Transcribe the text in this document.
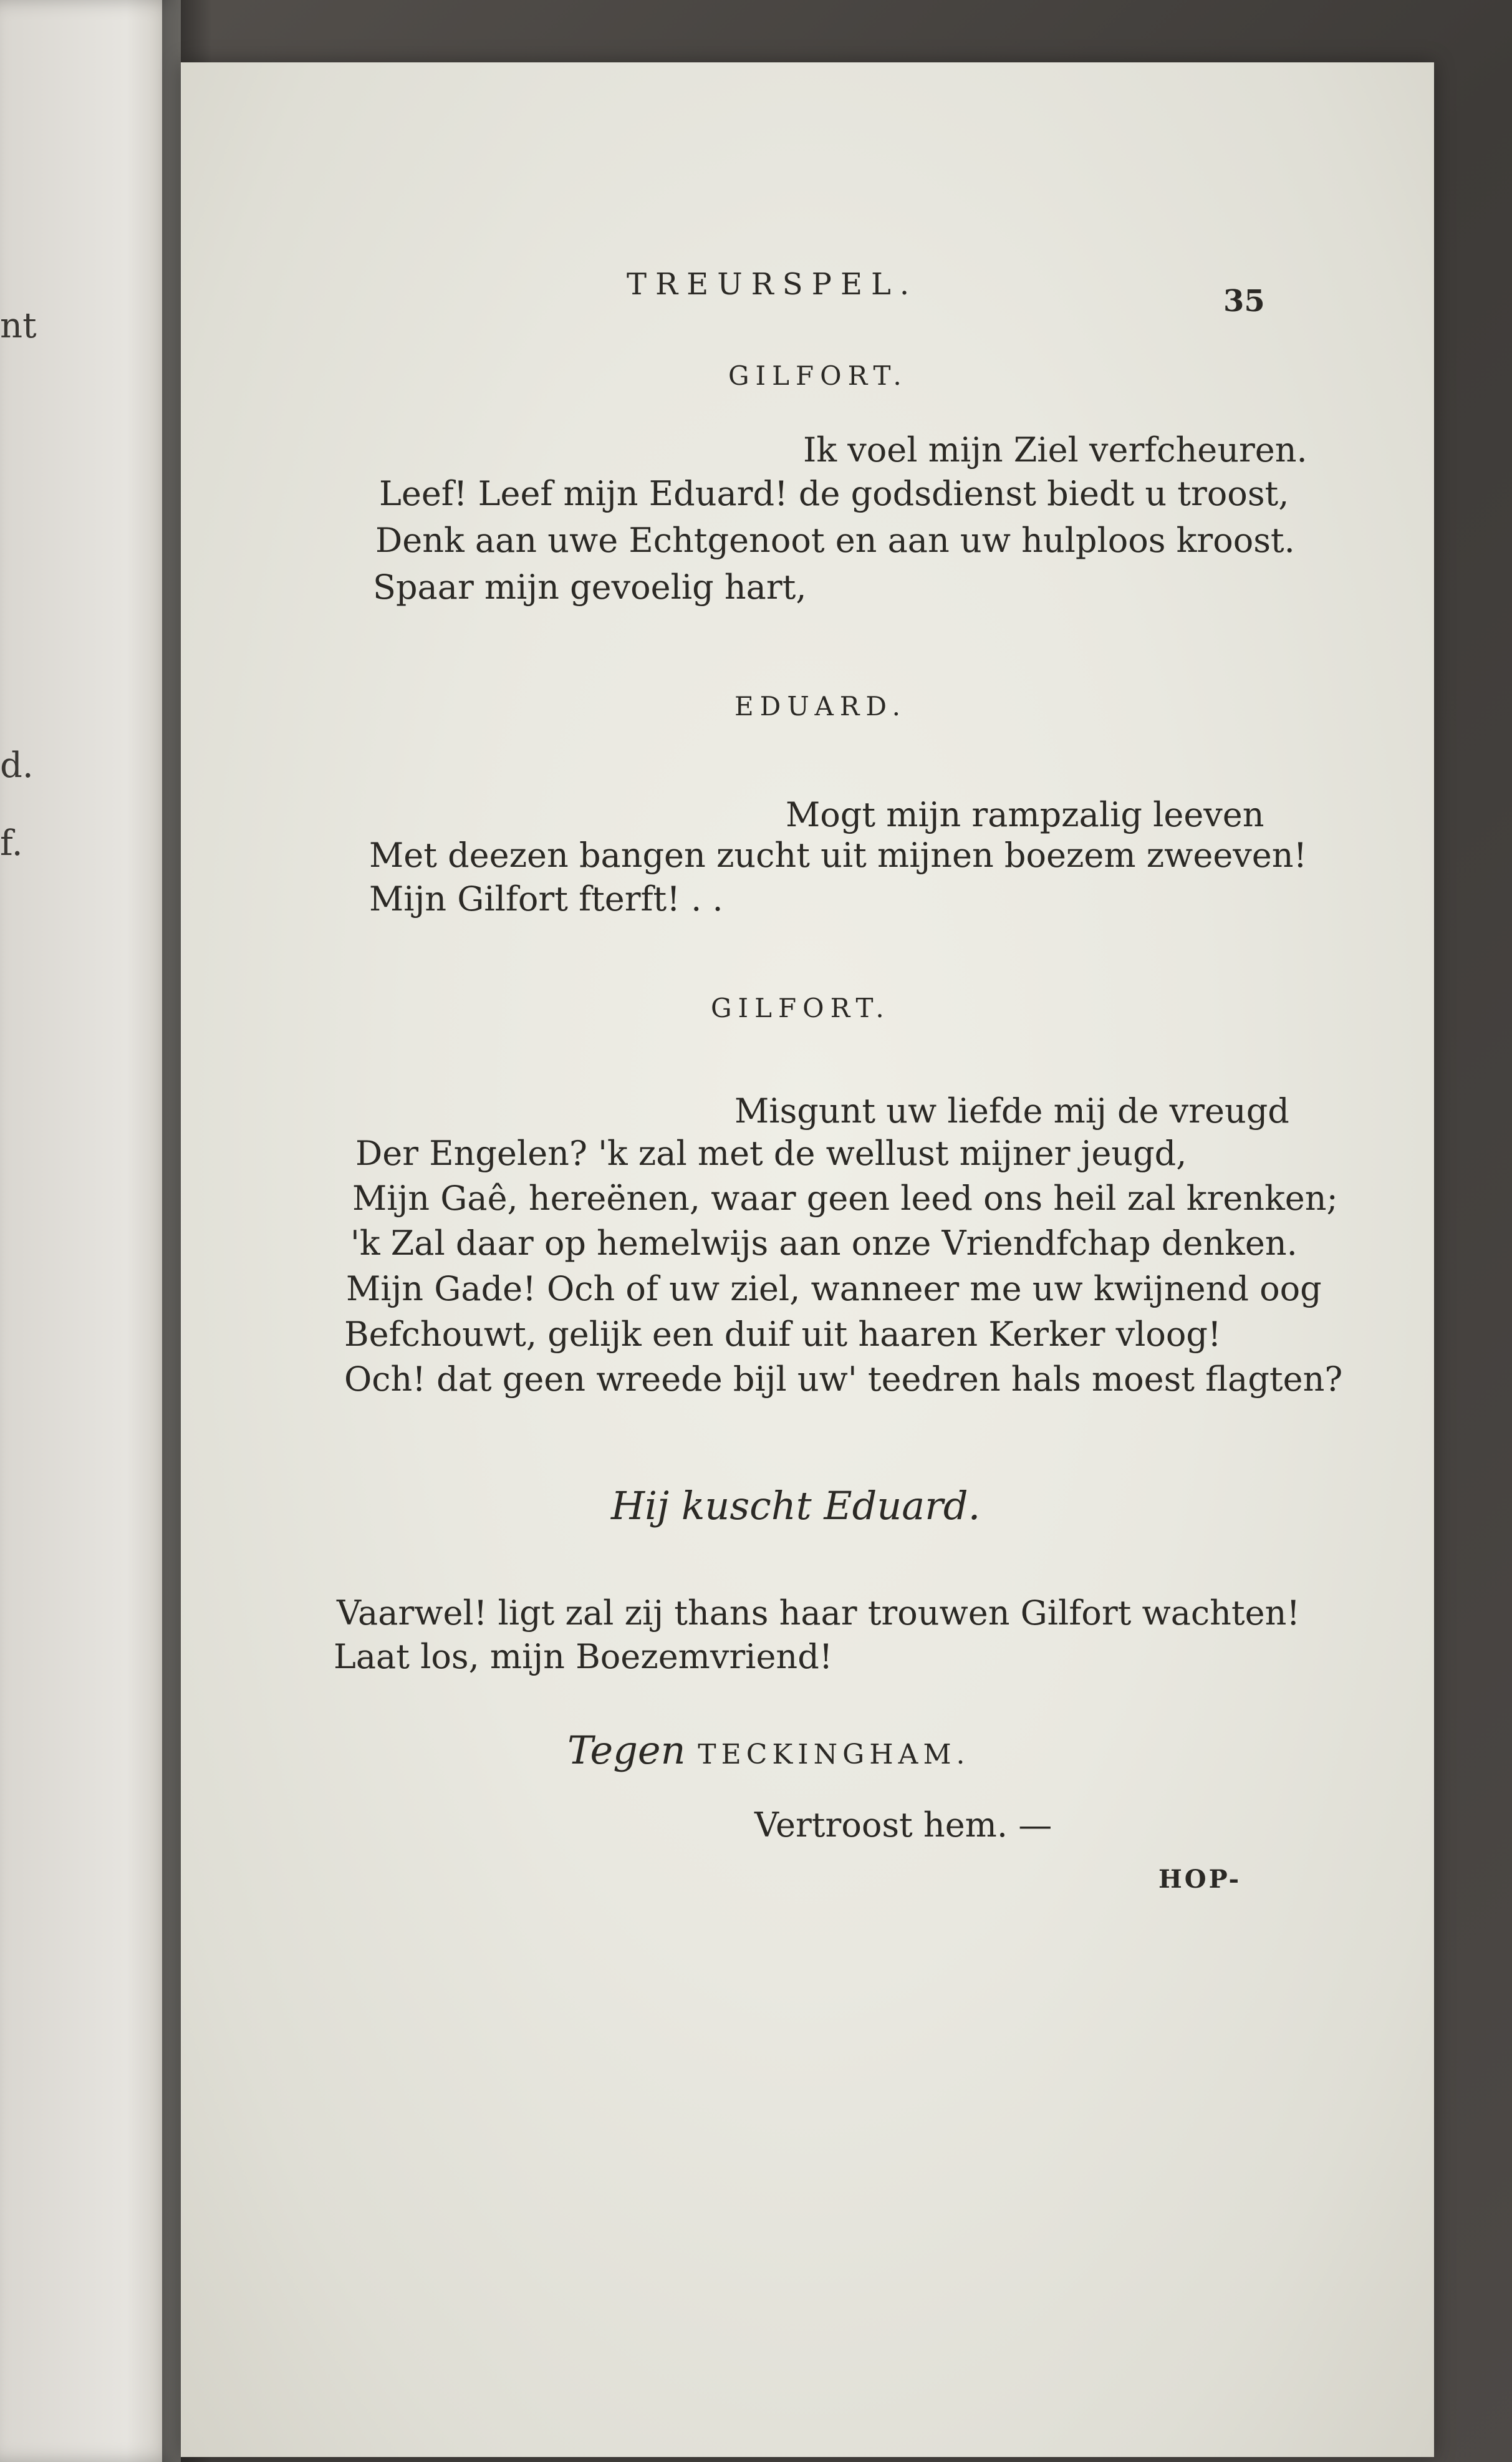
nt
d.
f.
TREURSPEL.	35
GILFORT.
Ik voel mijn Ziel verfcheuren.
Leef! Leef mijn Eduard! de godsdienst biedt u troost,
Denk aan uwe Echtgenoot en aan uw hulploos kroost.
Spaar mijn gevoelig hart,
EDUARD.
Mogt mijn rampzalig leeven
Met deezen bangen zucht uit mijnen boezem zweeven!
Mijn Gilfort fterft! . .
GILFORT.
Misgunt uw liefde mij de vreugd
Der Engelen? 'k zal met de wellust mijner jeugd,
Mijn Gaê, hereënen, waar geen leed ons heil zal krenken;
'k Zal daar op hemelwijs aan onze Vriendfchap denken.
Mijn Gade! Och of uw ziel, wanneer me uw kwijnend oog
Befchouwt, gelijk een duif uit haaren Kerker vloog!
Och! dat geen wreede bijl uw' teedren hals moest flagten?
Hij kuscht Eduard.
Vaarwel! ligt zal zij thans haar trouwen Gilfort wachten!
Laat los, mijn Boezemvriend!
Tegen TECKINGHAM.
Vertroost hem. —
HOP-
